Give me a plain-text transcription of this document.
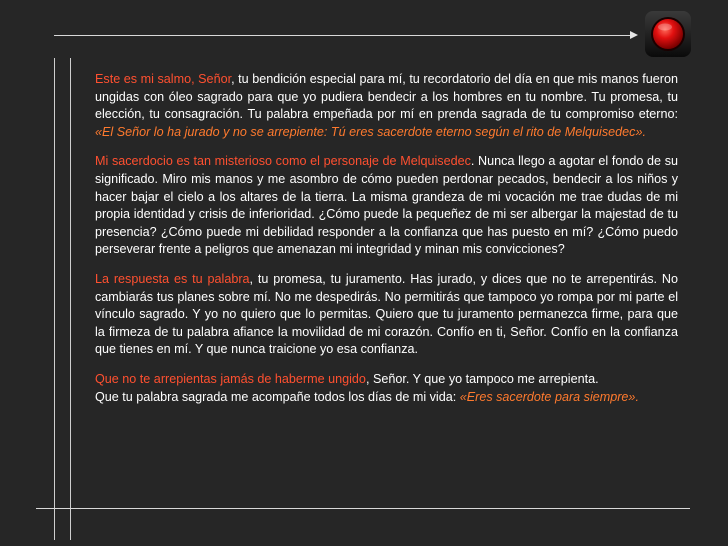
Este es mi salmo, Señor, tu bendición especial para mí, tu recordatorio del día en que mis manos fueron ungidas con óleo sagrado para que yo pudiera bendecir a los hombres en tu nombre. Tu promesa, tu elección, tu consagración. Tu palabra empeñada por mí en prenda sagrada de tu compromiso eterno: «El Señor lo ha jurado y no se arrepiente: Tú eres sacerdote eterno según el rito de Melquisedec».

Mi sacerdocio es tan misterioso como el personaje de Melquisedec. Nunca llego a agotar el fondo de su significado. Miro mis manos y me asombro de cómo pueden perdonar pecados, bendecir a los niños y hacer bajar el cielo a los altares de la tierra. La misma grandeza de mi vocación me trae dudas de mi propia identidad y crisis de inferioridad. ¿Cómo puede la pequeñez de mi ser albergar la majestad de tu presencia? ¿Cómo puede mi debilidad responder a la confianza que has puesto en mí? ¿Cómo puedo perseverar frente a peligros que amenazan mi integridad y minan mis convicciones?

La respuesta es tu palabra, tu promesa, tu juramento. Has jurado, y dices que no te arrepentirás. No cambiarás tus planes sobre mí. No me despedirás. No permitirás que tampoco yo rompa por mi parte el vínculo sagrado. Y yo no quiero que lo permitas. Quiero que tu juramento permanezca firme, para que la firmeza de tu palabra afiance la movilidad de mi corazón. Confío en ti, Señor. Confío en la confianza que tienes en mí. Y que nunca traicione yo esa confianza.

Que no te arrepientas jamás de haberme ungido, Señor. Y que yo tampoco me arrepienta.
Que tu palabra sagrada me acompañe todos los días de mi vida: «Eres sacerdote para siempre».
